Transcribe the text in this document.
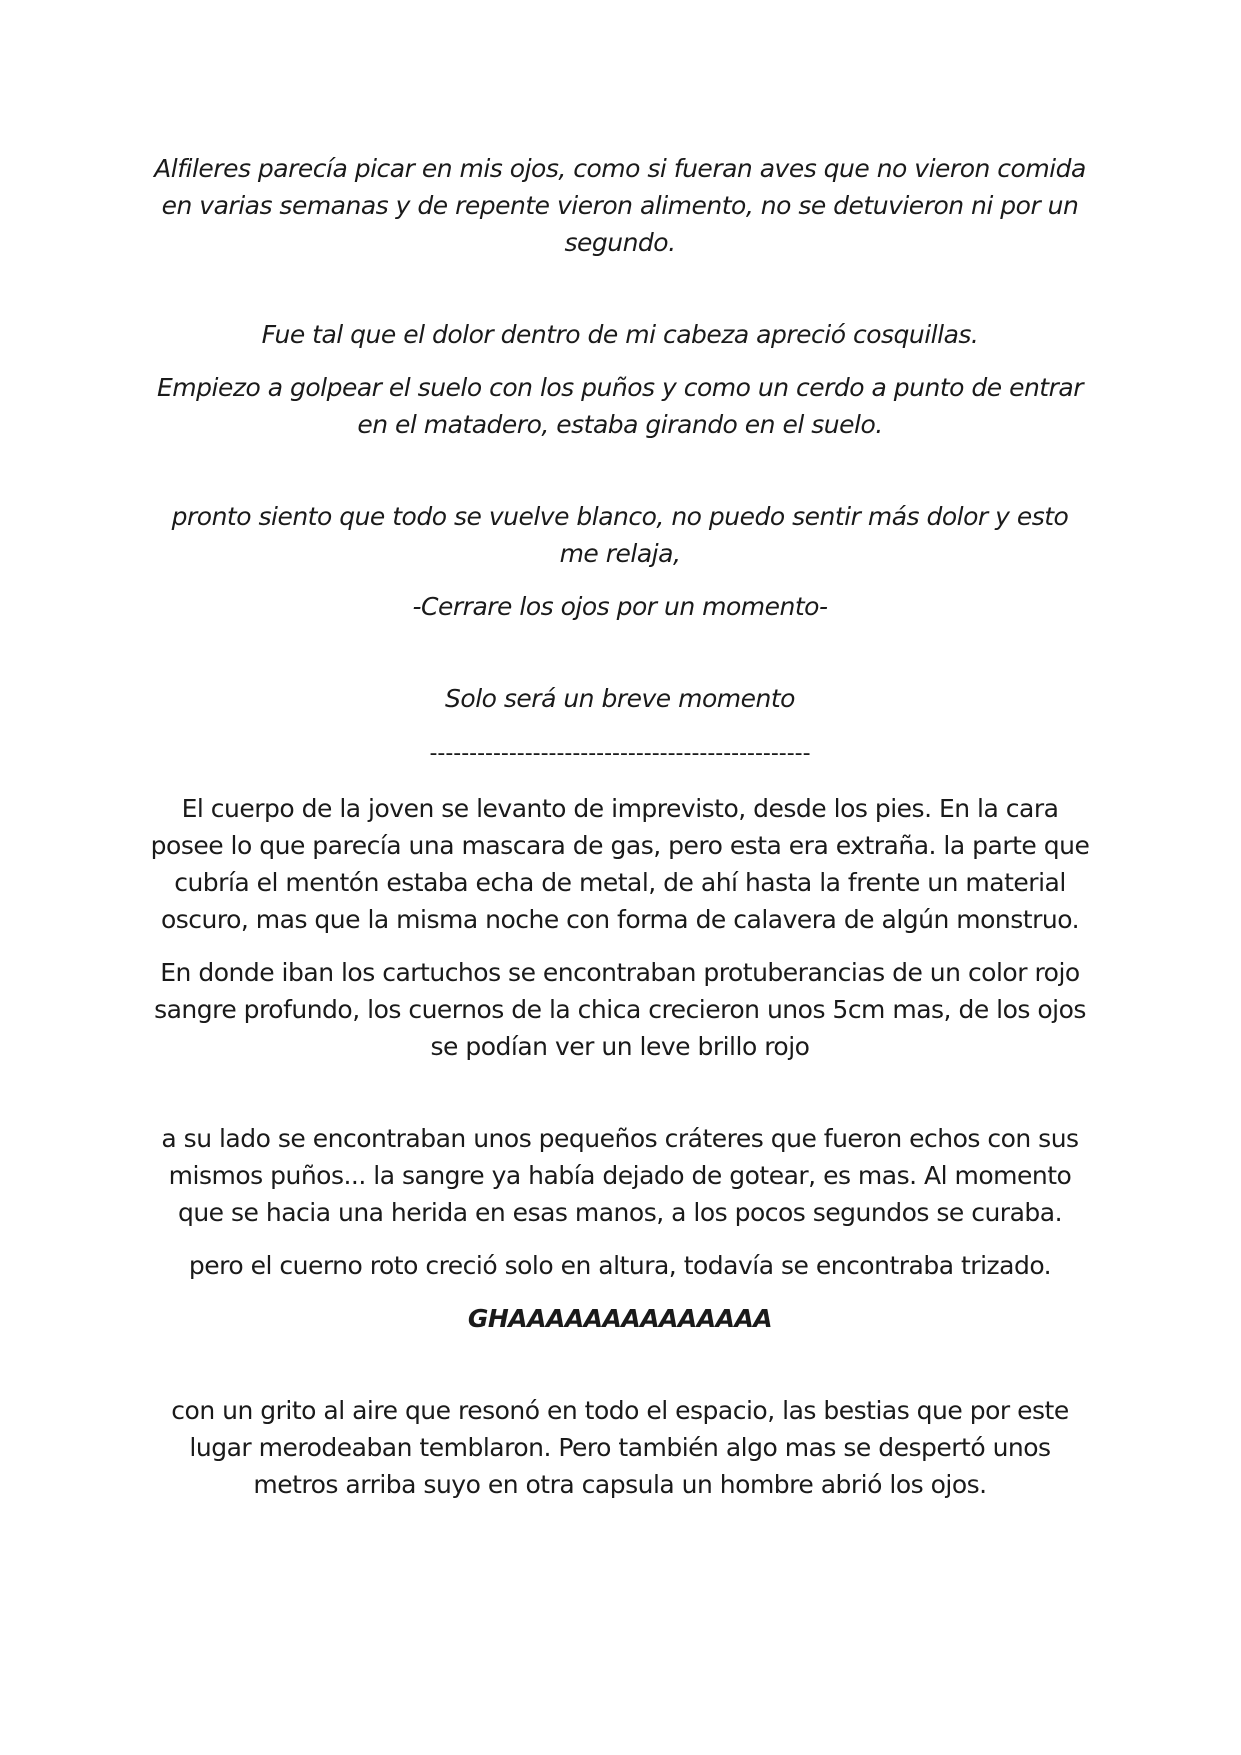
Alfileres parecía picar en mis ojos, como si fueran aves que no vieron comida en varias semanas y de repente vieron alimento, no se detuvieron ni por un segundo.

Fue tal que el dolor dentro de mi cabeza apreció cosquillas.

Empiezo a golpear el suelo con los puños y como un cerdo a punto de entrar en el matadero, estaba girando en el suelo.

pronto siento que todo se vuelve blanco, no puedo sentir más dolor y esto me relaja,

-Cerrare los ojos por un momento-

Solo será un breve momento

------------------------------------------------

El cuerpo de la joven se levanto de imprevisto, desde los pies. En la cara posee lo que parecía una mascara de gas, pero esta era extraña. la parte que cubría el mentón estaba echa de metal, de ahí hasta la frente un material oscuro, mas que la misma noche con forma de calavera de algún monstruo.

En donde iban los cartuchos se encontraban protuberancias de un color rojo sangre profundo, los cuernos de la chica crecieron unos 5cm mas, de los ojos se podían ver un leve brillo rojo

a su lado se encontraban unos pequeños cráteres que fueron echos con sus mismos puños... la sangre ya había dejado de gotear, es mas. Al momento que se hacia una herida en esas manos, a los pocos segundos se curaba.

pero el cuerno roto creció solo en altura, todavía se encontraba trizado.

GHAAAAAAAAAAAAAA

con un grito al aire que resonó en todo el espacio, las bestias que por este lugar merodeaban temblaron. Pero también algo mas se despertó unos metros arriba suyo en otra capsula un hombre abrió los ojos.
